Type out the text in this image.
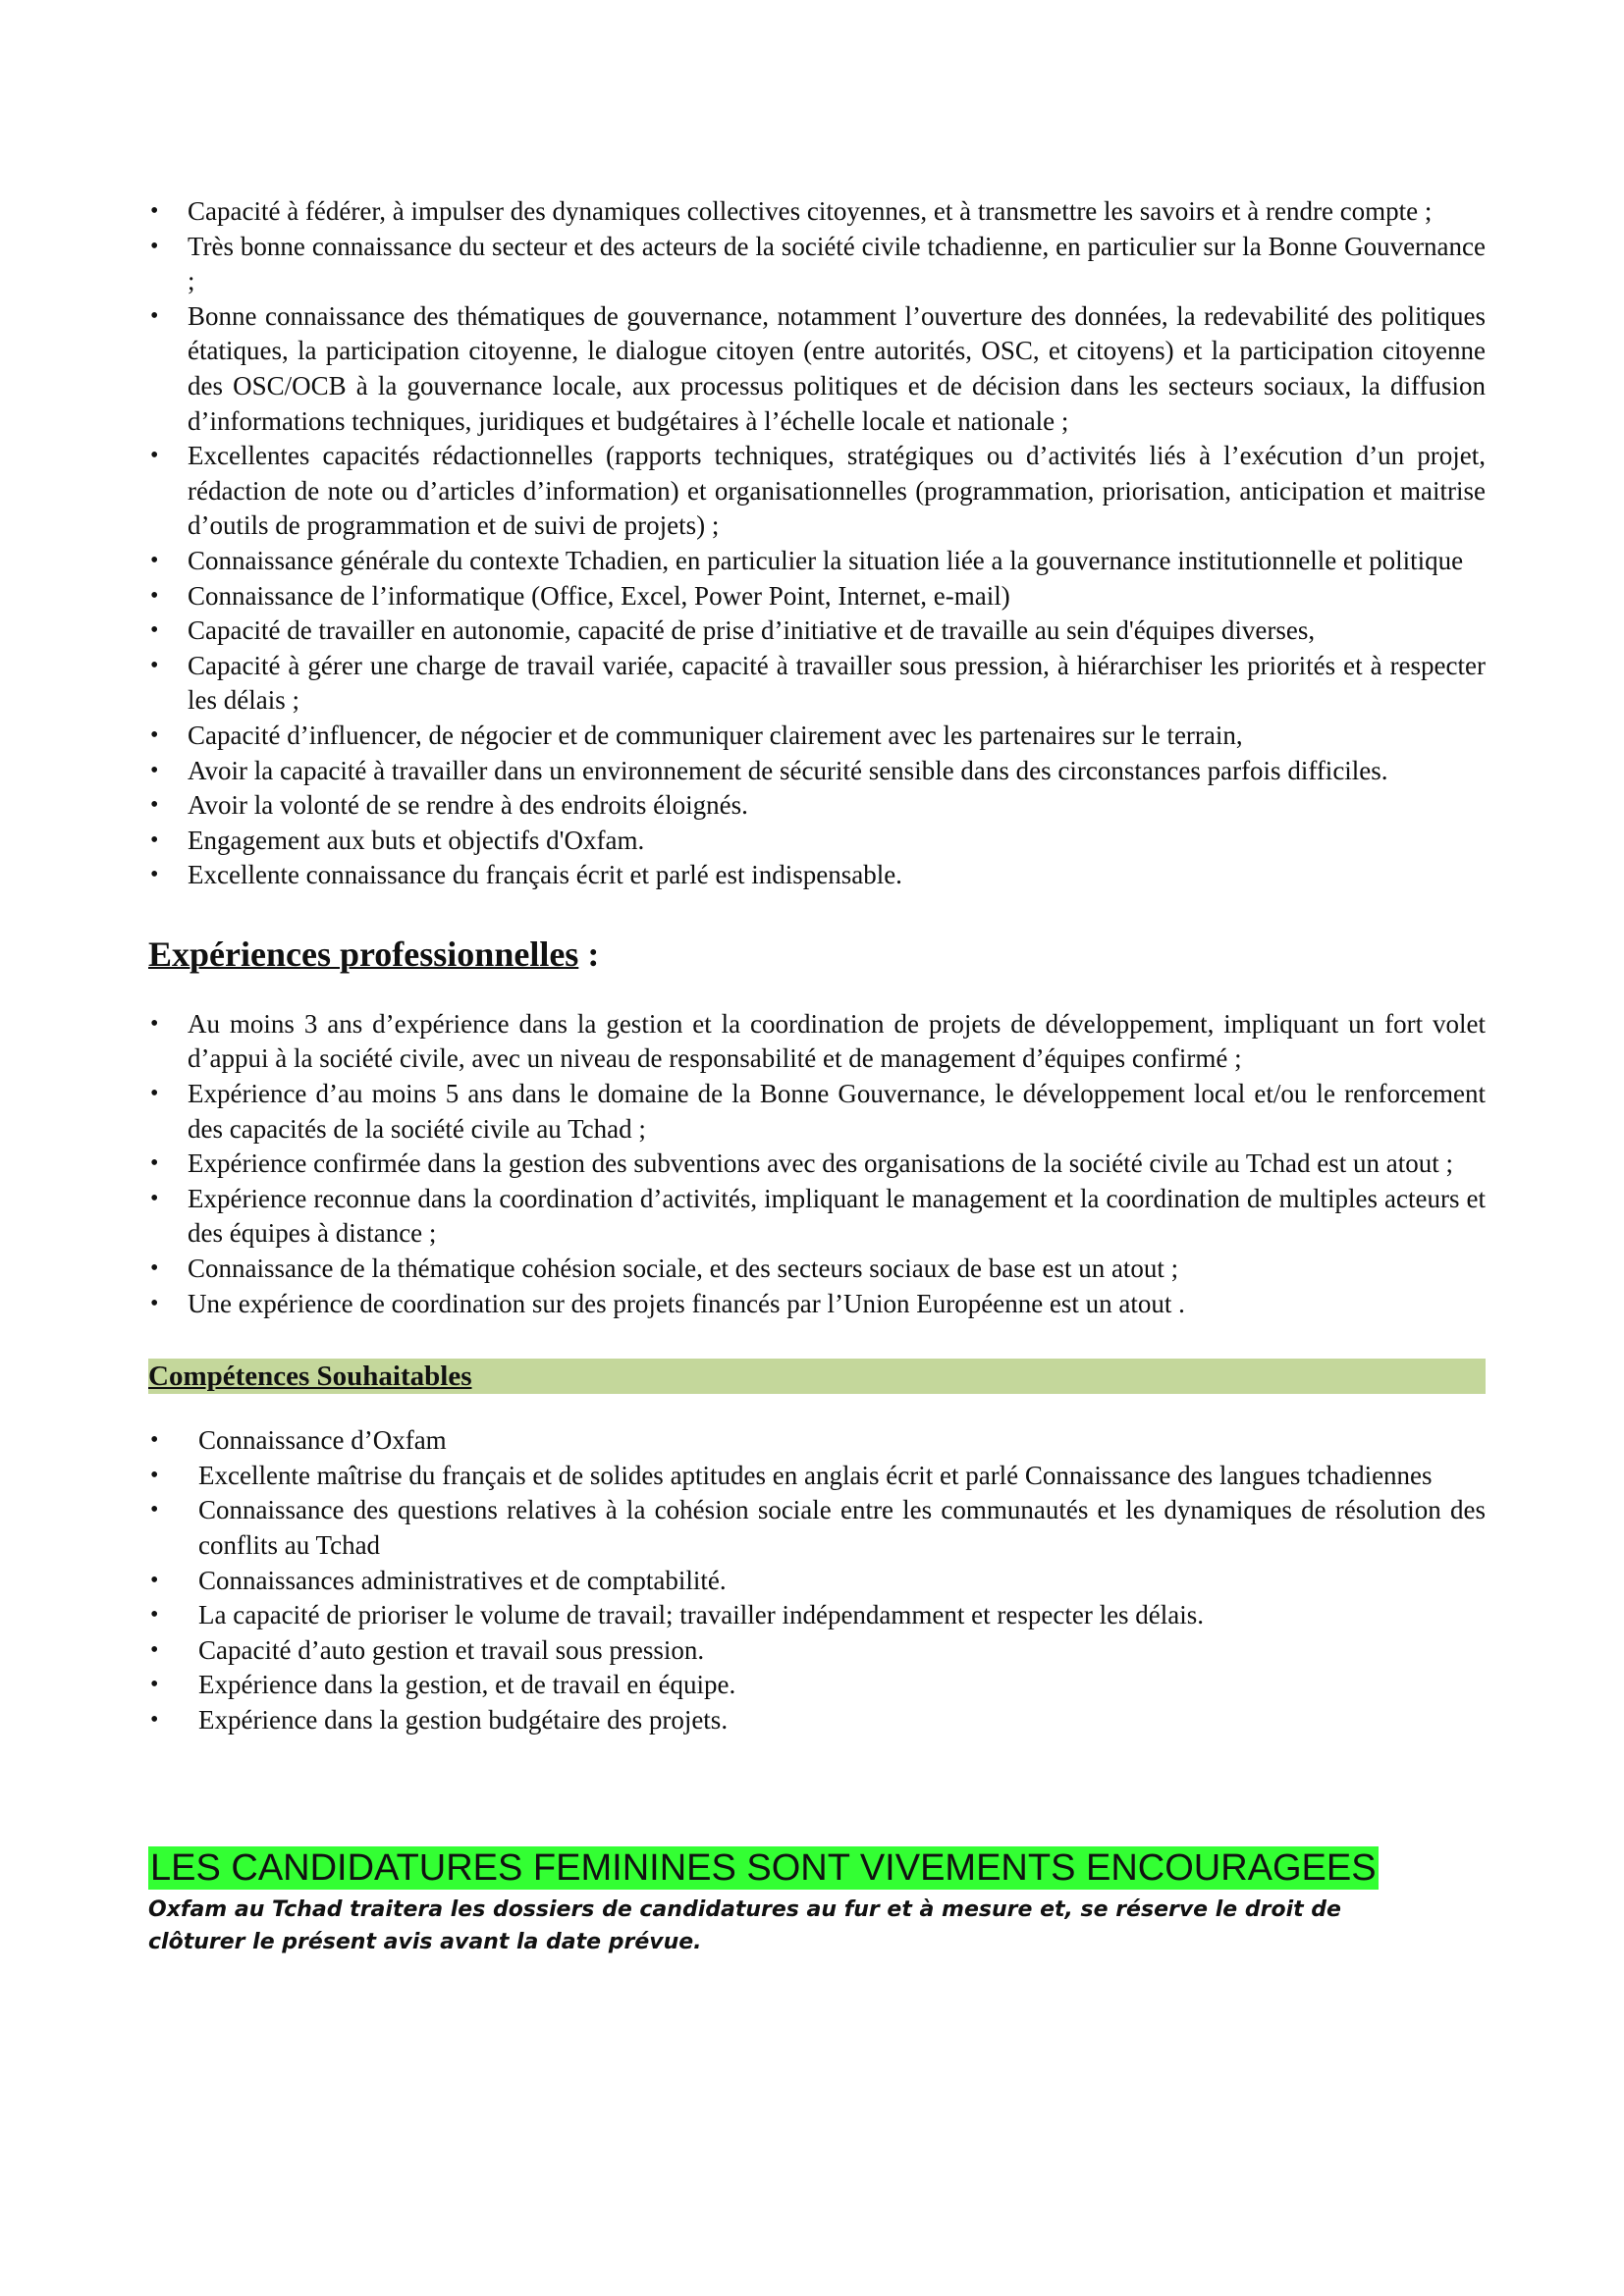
• Capacité à fédérer, à impulser des dynamiques collectives citoyennes, et à transmettre les savoirs et à rendre compte ;
• Très bonne connaissance du secteur et des acteurs de la société civile tchadienne, en particulier sur la Bonne Gouvernance ;
• Bonne connaissance des thématiques de gouvernance, notamment l’ouverture des données, la redevabilité des politiques étatiques, la participation citoyenne, le dialogue citoyen (entre autorités, OSC, et citoyens) et la participation citoyenne des OSC/OCB à la gouvernance locale, aux processus politiques et de décision dans les secteurs sociaux, la diffusion d’informations techniques, juridiques et budgétaires à l’échelle locale et nationale ;
• Excellentes capacités rédactionnelles (rapports techniques, stratégiques ou d’activités liés à l’exécution d’un projet, rédaction de note ou d’articles d’information) et organisationnelles (programmation, priorisation, anticipation et maitrise d’outils de programmation et de suivi de projets) ;
• Connaissance générale du contexte Tchadien, en particulier la situation liée a la gouvernance institutionnelle et politique
• Connaissance de l’informatique (Office, Excel, Power Point, Internet, e-mail)
• Capacité de travailler en autonomie, capacité de prise d’initiative et de travaille au sein d'équipes diverses,
• Capacité à gérer une charge de travail variée, capacité à travailler sous pression, à hiérarchiser les priorités et à respecter les délais ;
• Capacité d’influencer, de négocier et de communiquer clairement avec les partenaires sur le terrain,
• Avoir la capacité à travailler dans un environnement de sécurité sensible dans des circonstances parfois difficiles.
• Avoir la volonté de se rendre à des endroits éloignés.
• Engagement aux buts et objectifs d'Oxfam.
• Excellente connaissance du français écrit et parlé est indispensable.
Expériences professionnelles :
• Au moins 3 ans d’expérience dans la gestion et la coordination de projets de développement, impliquant un fort volet d’appui à la société civile, avec un niveau de responsabilité et de management d’équipes confirmé ;
• Expérience d’au moins 5 ans dans le domaine de la Bonne Gouvernance, le développement local et/ou le renforcement des capacités de la société civile au Tchad ;
• Expérience confirmée dans la gestion des subventions avec des organisations de la société civile au Tchad est un atout ;
• Expérience reconnue dans la coordination d’activités, impliquant le management et la coordination de multiples acteurs et des équipes à distance ;
• Connaissance de la thématique cohésion sociale, et des secteurs sociaux de base est un atout ;
• Une expérience de coordination sur des projets financés par l’Union Européenne est un atout .
Compétences Souhaitables
• Connaissance d’Oxfam
• Excellente maîtrise du français et de solides aptitudes en anglais écrit et parlé Connaissance des langues tchadiennes
• Connaissance des questions relatives à la cohésion sociale entre les communautés et les dynamiques de résolution des conflits au Tchad
• Connaissances administratives et de comptabilité.
• La capacité de prioriser le volume de travail; travailler indépendamment et respecter les délais.
• Capacité d’auto gestion et travail sous pression.
• Expérience dans la gestion, et de travail en équipe.
• Expérience dans la gestion budgétaire des projets.
LES CANDIDATURES FEMININES SONT VIVEMENTS ENCOURAGEES
Oxfam au Tchad traitera les dossiers de candidatures au fur et à mesure et, se réserve le droit de clôturer le présent avis avant la date prévue.
